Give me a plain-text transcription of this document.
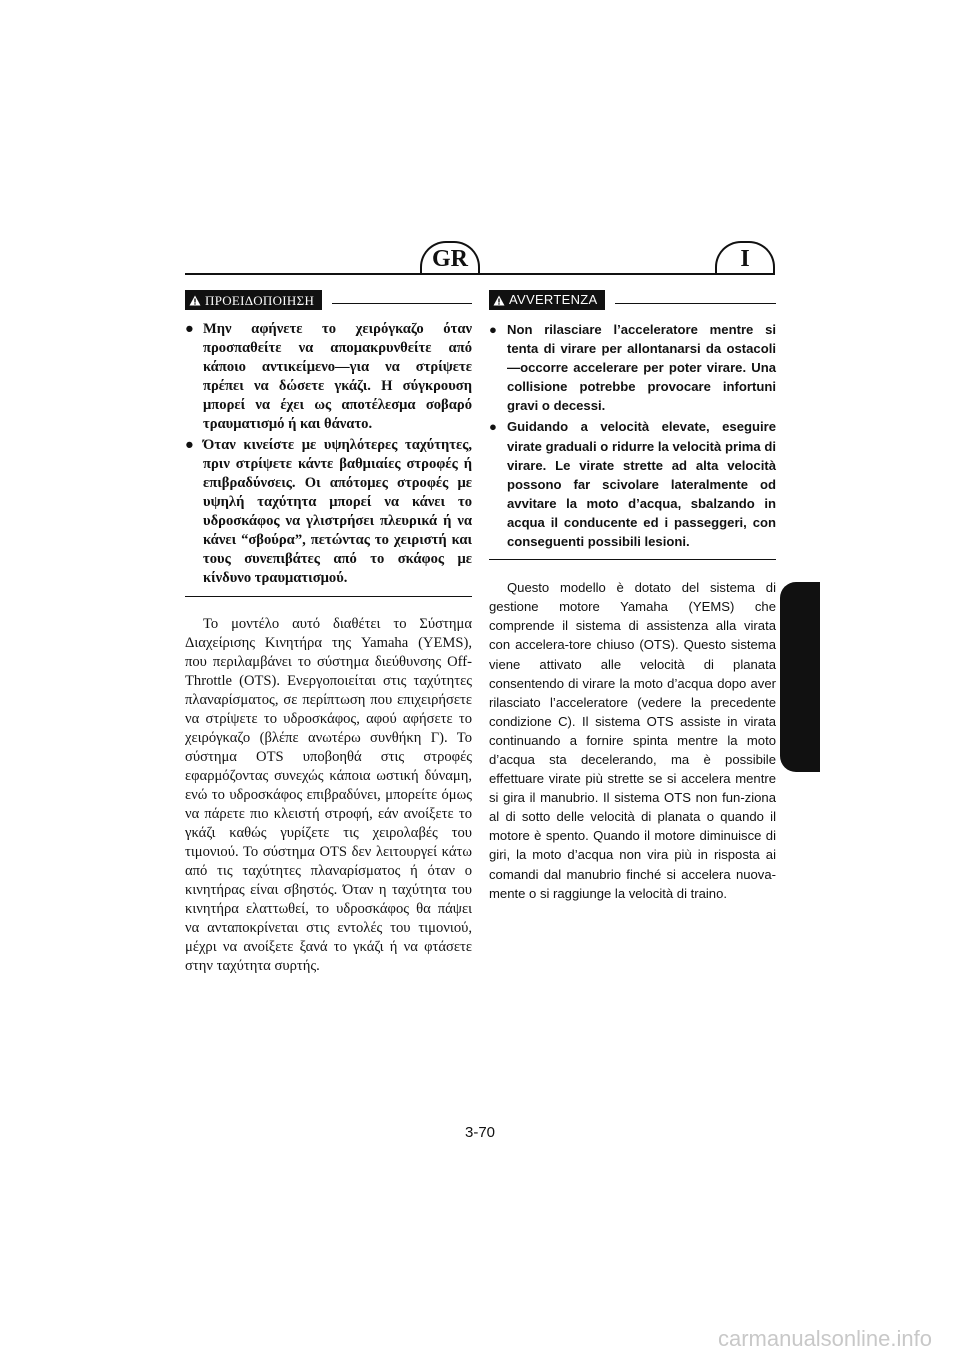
GR	I
ΠΡΟΕΙΔΟΠΟΙΗΣΗ
● Μην αφήνετε το χειρόγκαζο όταν προσπαθείτε να απομακρυνθείτε από κάποιο αντικείμενο—για να στρίψετε πρέπει να δώσετε γκάζι. Η σύγκρουση μπορεί να έχει ως αποτέλεσμα σοβαρό τραυματισμό ή και θάνατο.
● Όταν κινείστε με υψηλότερες ταχύτητες, πριν στρίψετε κάντε βαθμιαίες στροφές ή επιβραδύνσεις. Οι απότομες στροφές με υψηλή ταχύτητα μπορεί να κάνει το υδροσκάφος να γλιστρήσει πλευρικά ή να κάνει “σβούρα”, πετώντας το χειριστή και τους συνεπιβάτες από το σκάφος με κίνδυνο τραυματισμού.

Το μοντέλο αυτό διαθέτει το Σύστημα Διαχείρισης Κινητήρα της Yamaha (YEMS), που περιλαμβάνει το σύστημα διεύθυνσης Off-Throttle (OTS). Ενεργοποιείται στις ταχύτητες πλαναρίσματος, σε περίπτωση που επιχειρήσετε να στρίψετε το υδροσκάφος, αφού αφήσετε το χειρόγκαζο (βλέπε ανωτέρω συνθήκη Γ). Το σύστημα OTS υποβοηθά στις στροφές εφαρμόζοντας συνεχώς κάποια ωστική δύναμη, ενώ το υδροσκάφος επιβραδύνει, μπορείτε όμως να πάρετε πιο κλειστή στροφή, εάν ανοίξετε το γκάζι καθώς γυρίζετε τις χειρολαβές του τιμονιού. Το σύστημα OTS δεν λειτουργεί κάτω από τις ταχύτητες πλαναρίσματος ή όταν ο κινητήρας είναι σβηστός. Όταν η ταχύτητα του κινητήρα ελαττωθεί, το υδροσκάφος θα πάψει να ανταποκρίνεται στις εντολές του τιμονιού, μέχρι να ανοίξετε ξανά το γκάζι ή να φτάσετε στην ταχύτητα συρτής.

AVVERTENZA
● Non rilasciare l’acceleratore mentre si tenta di virare per allontanarsi da ostacoli—occorre accelerare per poter virare. Una collisione potrebbe provocare infortuni gravi o decessi.
● Guidando a velocità elevate, eseguire virate graduali o ridurre la velocità prima di virare. Le virate strette ad alta velocità possono far scivolare lateralmente od avvitare la moto d’acqua, sbalzando in acqua il conducente ed i passeggeri, con conseguenti possibili lesioni.

Questo modello è dotato del sistema di gestione motore Yamaha (YEMS) che comprende il sistema di assistenza alla virata con accelera-tore chiuso (OTS). Questo sistema viene attivato alle velocità di planata consentendo di virare la moto d’acqua dopo aver rilasciato l’acceleratore (vedere la precedente condizione C). Il sistema OTS assiste in virata continuando a fornire spinta mentre la moto d’acqua sta decelerando, ma è possibile effettuare virate più strette se si accelera mentre si gira il manubrio. Il sistema OTS non fun-ziona al di sotto delle velocità di planata o quando il motore è spento. Quando il motore diminuisce di giri, la moto d’acqua non vira più in risposta ai comandi dal manubrio finché si accelera nuova-mente o si raggiunge la velocità di traino.

3-70
carmanualsonline.info
